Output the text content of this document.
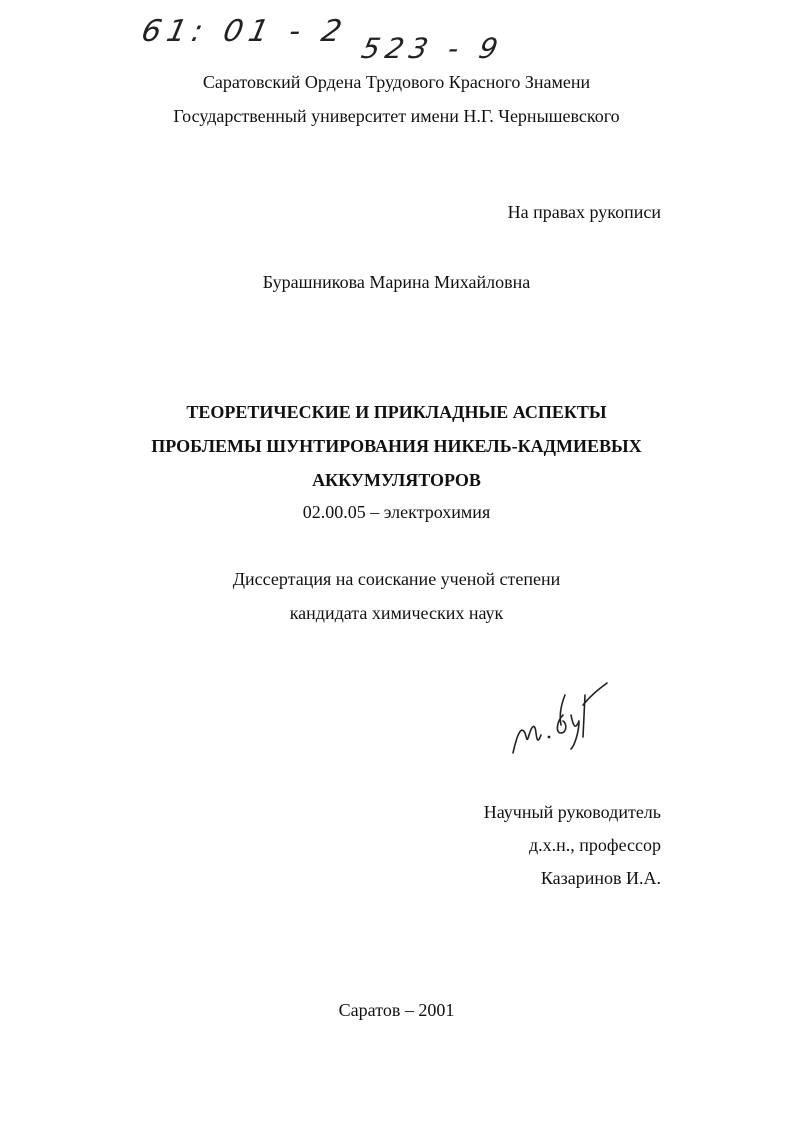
61: 01 - 2 523 - 9
Саратовский Ордена Трудового Красного Знамени
Государственный университет имени Н.Г. Чернышевского
На правах рукописи
Бурашникова Марина Михайловна
ТЕОРЕТИЧЕСКИЕ И ПРИКЛАДНЫЕ АСПЕКТЫ
ПРОБЛЕМЫ ШУНТИРОВАНИЯ НИКЕЛЬ-КАДМИЕВЫХ
АККУМУЛЯТОРОВ
02.00.05 – электрохимия
Диссертация на соискание ученой степени
кандидата химических наук
Научный руководитель
д.х.н., профессор
Казаринов И.А.
Саратов – 2001
